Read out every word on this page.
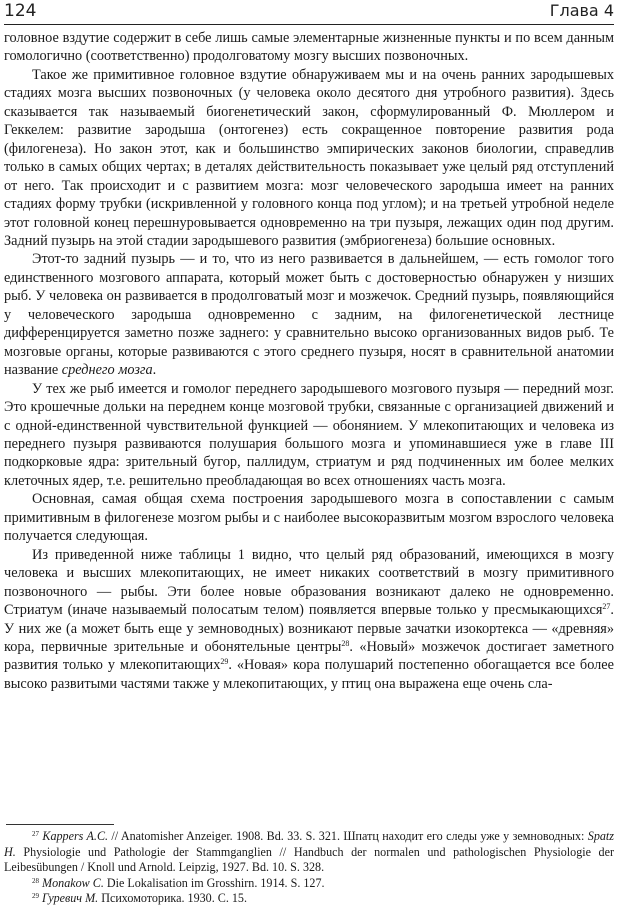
124	Глава 4

головное вздутие содержит в себе лишь самые элементарные жизненные пункты и по всем данным гомологично (соответственно) продолговатому мозгу высших позвоночных.

Такое же примитивное головное вздутие обнаруживаем мы и на очень ранних зародышевых стадиях мозга высших позвоночных (у человека около десятого дня утробного развития). Здесь сказывается так называемый биогенетический закон, сформулированный Ф. Мюллером и Геккелем: развитие зародыша (онтогенез) есть сокращенное повторение развития рода (филогенеза). Но закон этот, как и большинство эмпирических законов биологии, справедлив только в самых общих чертах; в деталях действительность показывает уже целый ряд отступлений от него. Так происходит и с развитием мозга: мозг человеческого зародыша имеет на ранних стадиях форму трубки (искривленной у головного конца под углом); и на третьей утробной неделе этот головной конец перешнуровывается одновременно на три пузыря, лежащих один под другим. Задний пузырь на этой стадии зародышевого развития (эмбриогенеза) большие основных.

Этот-то задний пузырь — и то, что из него развивается в дальнейшем, — есть гомолог того единственного мозгового аппарата, который может быть с достоверностью обнаружен у низших рыб. У человека он развивается в продолговатый мозг и мозжечок. Средний пузырь, появляющийся у человеческого зародыша одновременно с задним, на филогенетической лестнице дифференцируется заметно позже заднего: у сравнительно высоко организованных видов рыб. Те мозговые органы, которые развиваются с этого среднего пузыря, носят в сравнительной анатомии название среднего мозга.

У тех же рыб имеется и гомолог переднего зародышевого мозгового пузыря — передний мозг. Это крошечные дольки на переднем конце мозговой трубки, связанные с организацией движений и с одной-единственной чувствительной функцией — обонянием. У млекопитающих и человека из переднего пузыря развиваются полушария большого мозга и упоминавшиеся уже в главе III подкорковые ядра: зрительный бугор, паллидум, стриатум и ряд подчиненных им более мелких клеточных ядер, т.е. решительно преобладающая во всех отношениях часть мозга.

Основная, самая общая схема построения зародышевого мозга в сопоставлении с самым примитивным в филогенезе мозгом рыбы и с наиболее высокоразвитым мозгом взрослого человека получается следующая.

Из приведенной ниже таблицы 1 видно, что целый ряд образований, имеющихся в мозгу человека и высших млекопитающих, не имеет никаких соответствий в мозгу примитивного позвоночного — рыбы. Эти более новые образования возникают далеко не одновременно. Стриатум (иначе называемый полосатым телом) появляется впервые только у пресмыкающихся$^{27}$. У них же (а может быть еще у земноводных) возникают первые зачатки изокортекса — «древняя» кора, первичные зрительные и обонятельные центры$^{28}$. «Новый» мозжечок достигает заметного развития только у млекопитающих$^{29}$. «Новая» кора полушарий постепенно обогащается все более высоко развитыми частями также у млекопитающих, у птиц она выражена еще очень сла-

$^{27}$ Kappers A.C. // Anatomisher Anzeiger. 1908. Bd. 33. S. 321. Шпатц находит его следы уже у земноводных: Spatz H. Physiologie und Pathologie der Stammganglien // Handbuch der normalen und pathologischen Physiologie der Leibesübungen / Knoll und Arnold. Leipzig, 1927. Bd. 10. S. 328.

$^{28}$ Monakow C. Die Lokalisation im Grosshirn. 1914. S. 127.

$^{29}$ Гуревич М. Психомоторика. 1930. С. 15.
